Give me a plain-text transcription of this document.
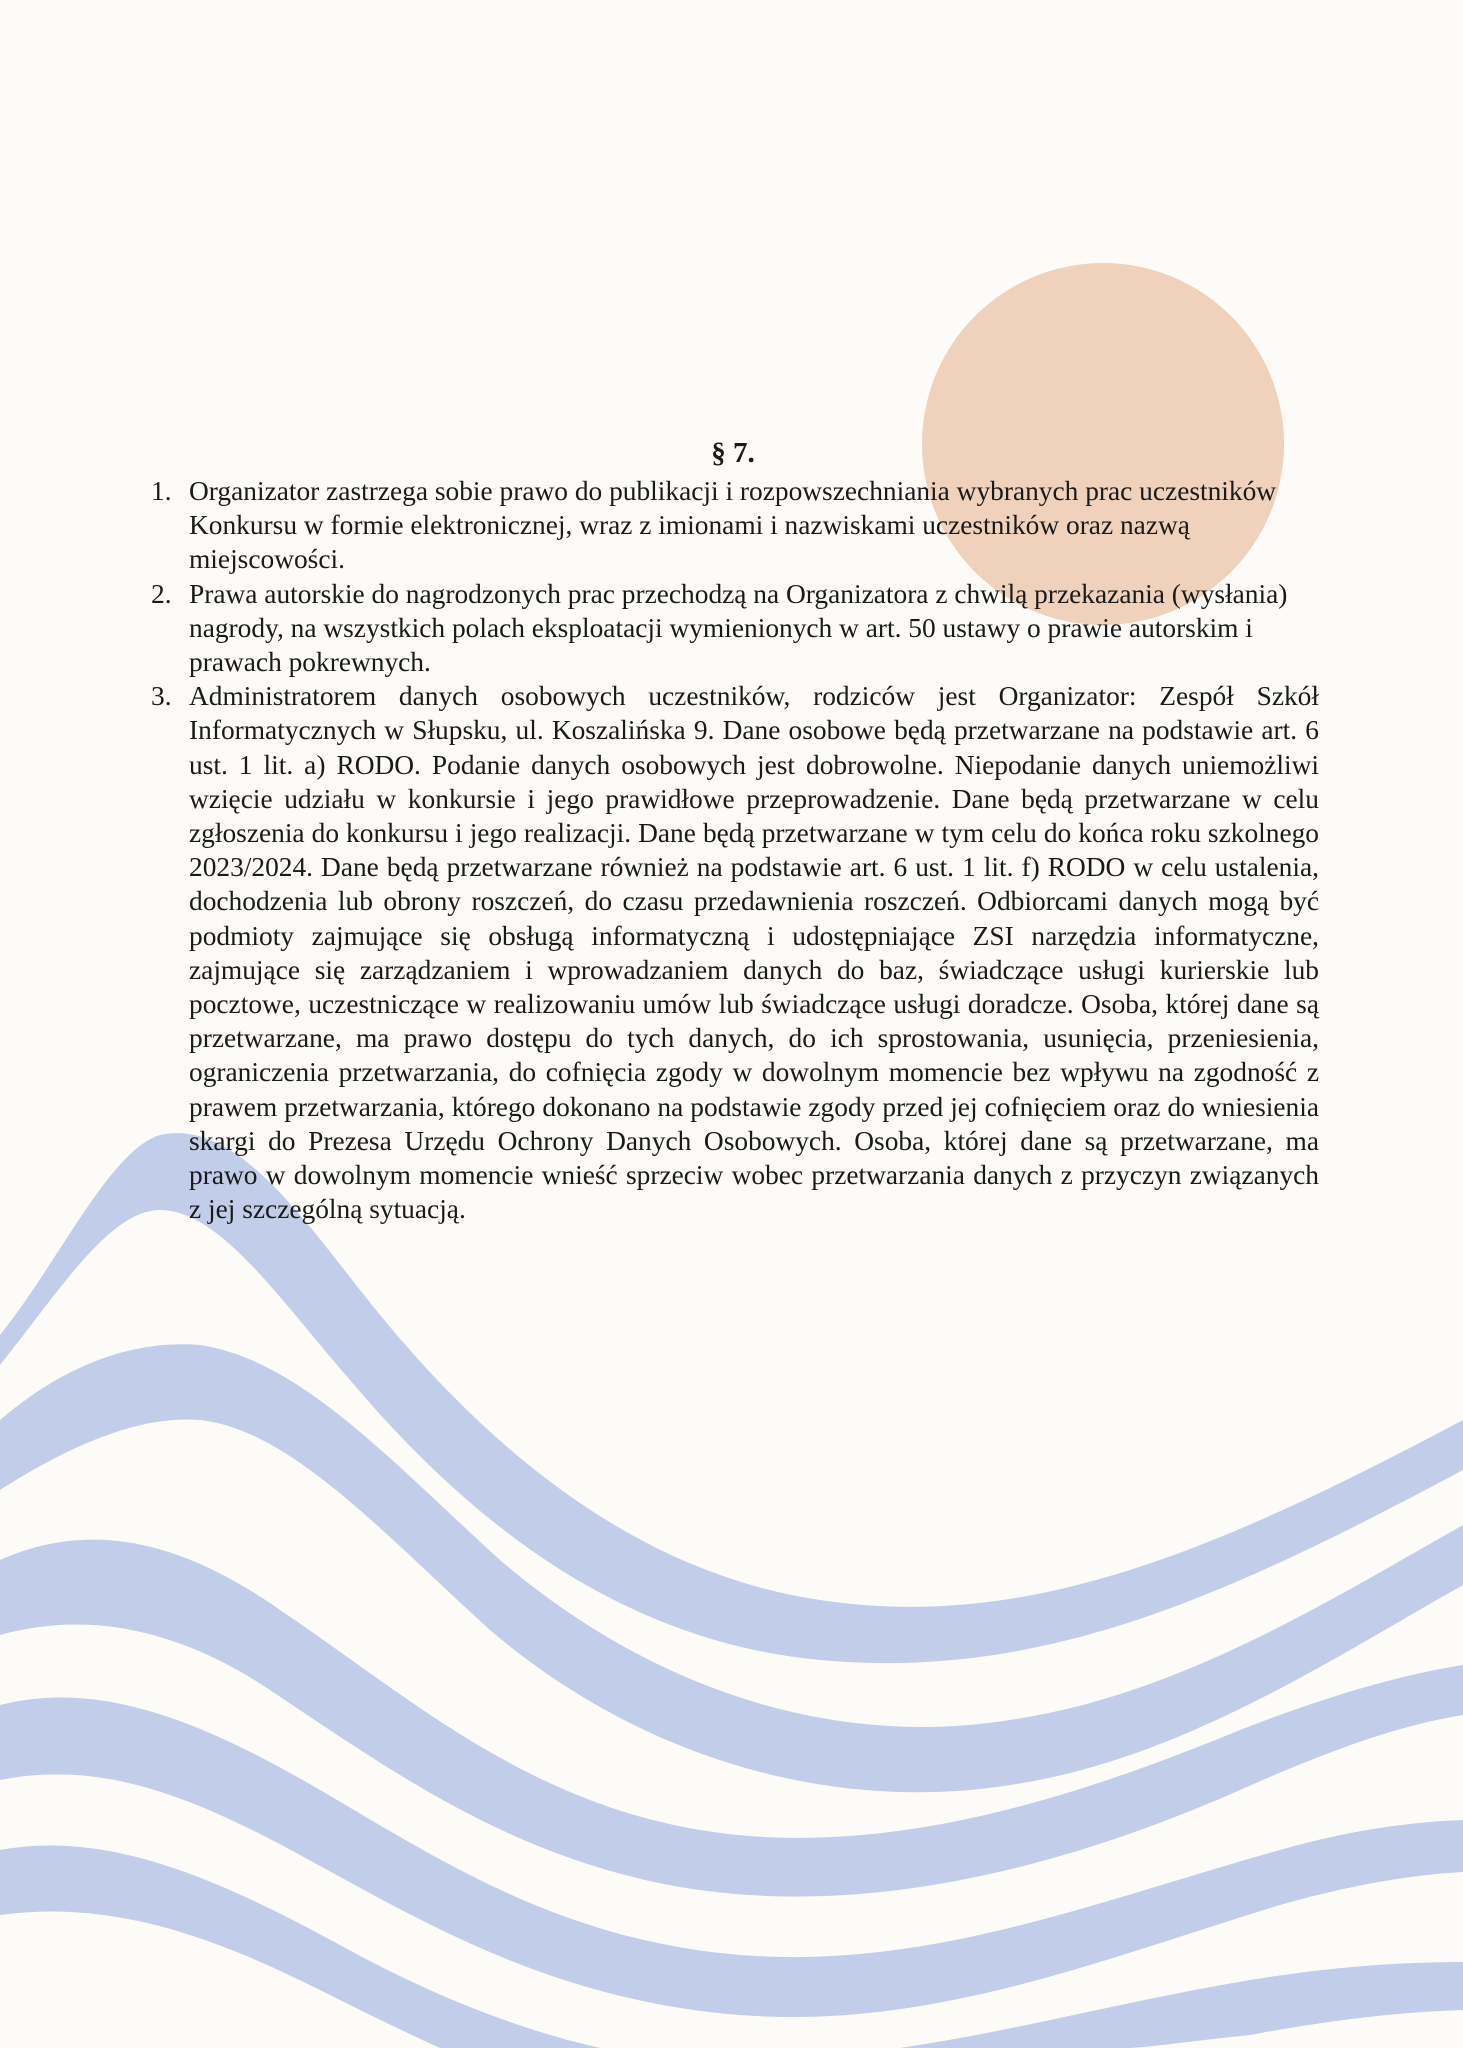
§ 7.
1. Organizator zastrzega sobie prawo do publikacji i rozpowszechniania wybranych prac uczestników Konkursu w formie elektronicznej, wraz z imionami i nazwiskami uczestników oraz nazwą miejscowości.
2. Prawa autorskie do nagrodzonych prac przechodzą na Organizatora z chwilą przekazania (wysłania) nagrody, na wszystkich polach eksploatacji wymienionych w art. 50 ustawy o prawie autorskim i prawach pokrewnych.
3. Administratorem danych osobowych uczestników, rodziców jest Organizator: Zespół Szkół Informatycznych w Słupsku, ul. Koszalińska 9. Dane osobowe będą przetwarzane na podstawie art. 6 ust. 1 lit. a) RODO. Podanie danych osobowych jest dobrowolne. Niepodanie danych uniemożliwi wzięcie udziału w konkursie i jego prawidłowe przeprowadzenie. Dane będą przetwarzane w celu zgłoszenia do konkursu i jego realizacji. Dane będą przetwarzane w tym celu do końca roku szkolnego 2023/2024. Dane będą przetwarzane również na podstawie art. 6 ust. 1 lit. f) RODO w celu ustalenia, dochodzenia lub obrony roszczeń, do czasu przedawnienia roszczeń. Odbiorcami danych mogą być podmioty zajmujące się obsługą informatyczną i udostępniające ZSI narzędzia informatyczne, zajmujące się zarządzaniem i wprowadzaniem danych do baz, świadczące usługi kurierskie lub pocztowe, uczestniczące w realizowaniu umów lub świadczące usługi doradcze. Osoba, której dane są przetwarzane, ma prawo dostępu do tych danych, do ich sprostowania, usunięcia, przeniesienia, ograniczenia przetwarzania, do cofnięcia zgody w dowolnym momencie bez wpływu na zgodność z prawem przetwarzania, którego dokonano na podstawie zgody przed jej cofnięciem oraz do wniesienia skargi do Prezesa Urzędu Ochrony Danych Osobowych. Osoba, której dane są przetwarzane, ma prawo w dowolnym momencie wnieść sprzeciw wobec przetwarzania danych z przyczyn związanych z jej szczególną sytuacją.
